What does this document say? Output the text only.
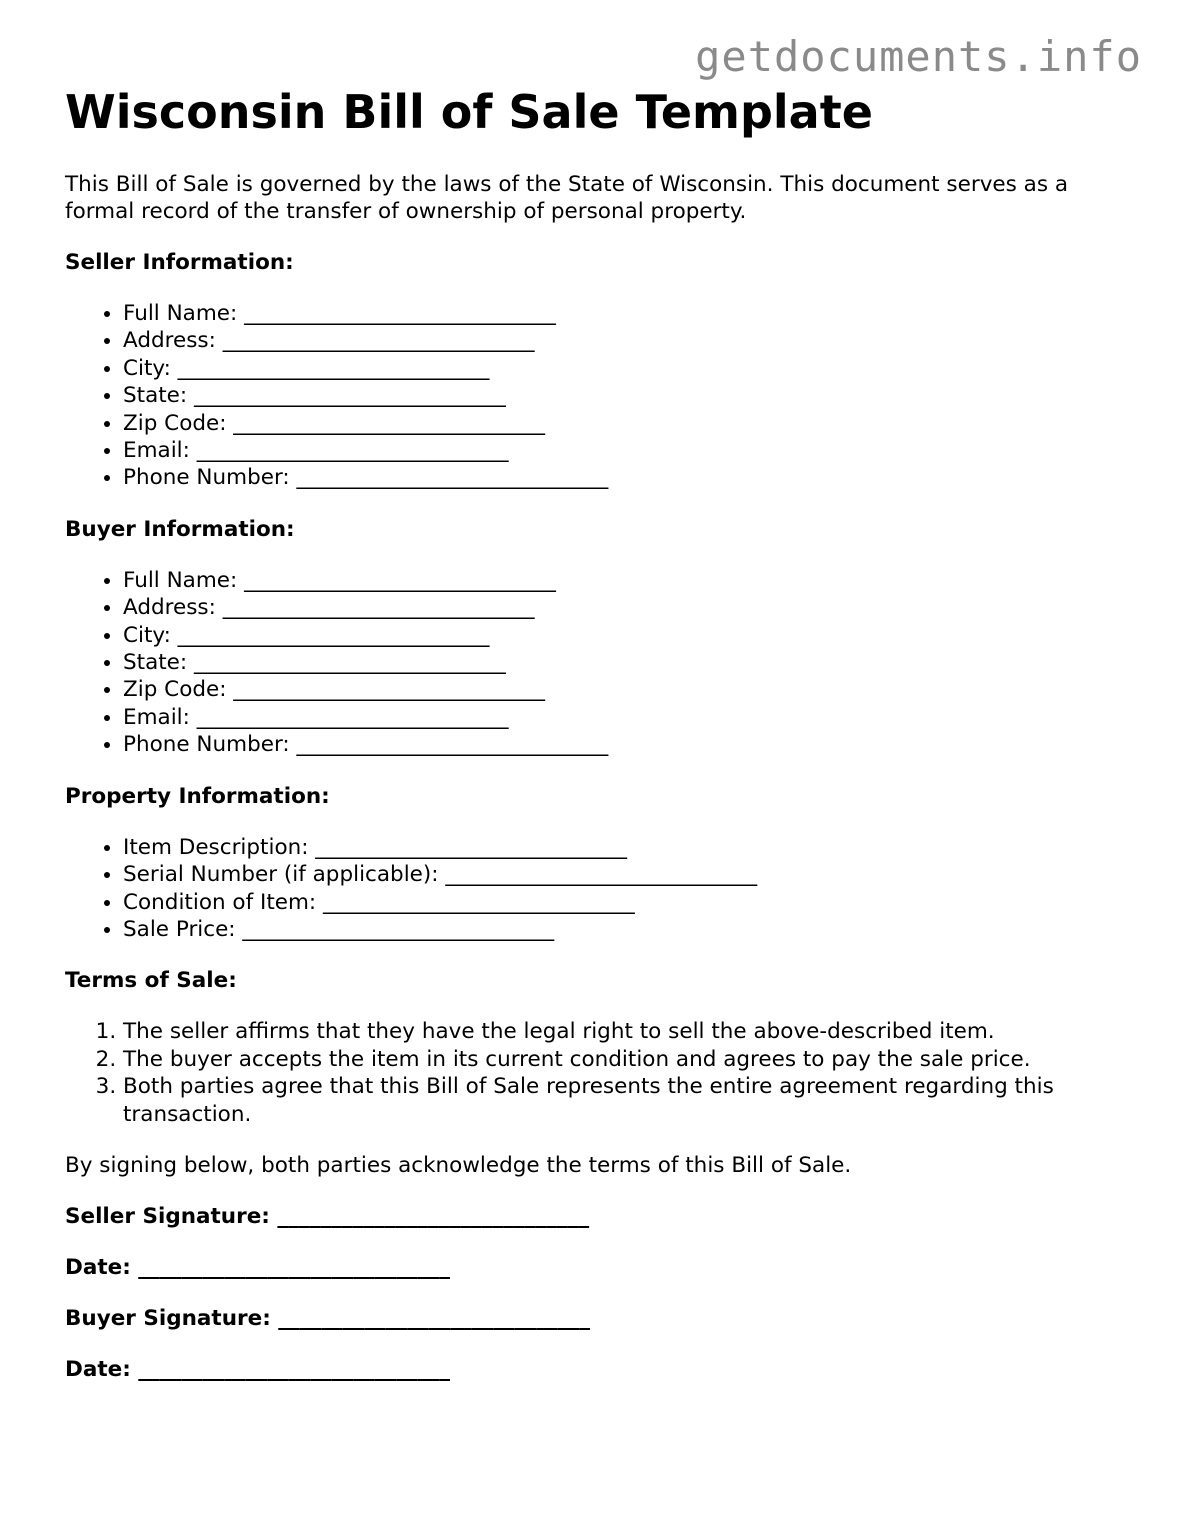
getdocuments.info
Wisconsin Bill of Sale Template

This Bill of Sale is governed by the laws of the State of Wisconsin. This document serves as a formal record of the transfer of ownership of personal property.

Seller Information:

• Full Name: _____________________________
• Address: _____________________________
• City: _____________________________
• State: _____________________________
• Zip Code: _____________________________
• Email: _____________________________
• Phone Number: _____________________________

Buyer Information:

• Full Name: _____________________________
• Address: _____________________________
• City: _____________________________
• State: _____________________________
• Zip Code: _____________________________
• Email: _____________________________
• Phone Number: _____________________________

Property Information:

• Item Description: _____________________________
• Serial Number (if applicable): _____________________________
• Condition of Item: _____________________________
• Sale Price: _____________________________

Terms of Sale:

1. The seller affirms that they have the legal right to sell the above-described item.
2. The buyer accepts the item in its current condition and agrees to pay the sale price.
3. Both parties agree that this Bill of Sale represents the entire agreement regarding this transaction.

By signing below, both parties acknowledge the terms of this Bill of Sale.

Seller Signature: _____________________________

Date: _____________________________

Buyer Signature: _____________________________

Date: _____________________________
